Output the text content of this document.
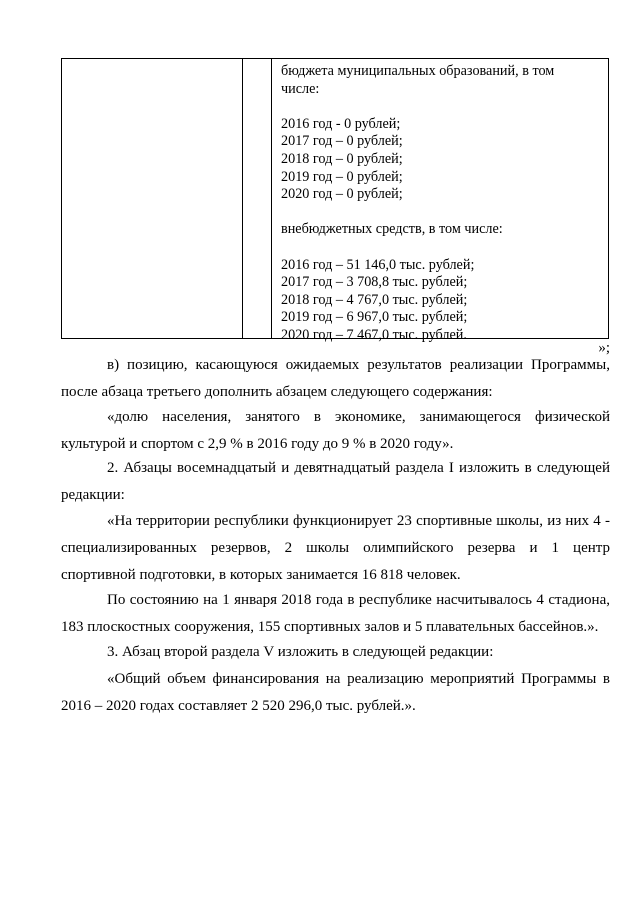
бюджета муниципальных образований, в том
числе:
2016 год - 0 рублей;
2017 год – 0 рублей;
2018 год – 0 рублей;
2019 год – 0 рублей;
2020 год – 0 рублей;
внебюджетных средств, в том числе:
2016 год – 51 146,0 тыс. рублей;
2017 год – 3 708,8 тыс. рублей;
2018 год – 4 767,0 тыс. рублей;
2019 год – 6 967,0 тыс. рублей;
2020 год – 7 467,0 тыс. рублей.
»;
в) позицию, касающуюся ожидаемых результатов реализации Программы,
после абзаца третьего дополнить абзацем следующего содержания:
«долю населения, занятого в экономике, занимающегося физической
культурой и спортом с 2,9 % в 2016 году до 9 % в 2020 году».
2. Абзацы восемнадцатый и девятнадцатый раздела I изложить в следующей
редакции:
«На территории республики функционирует 23 спортивные школы, из них 4 -
специализированных резервов, 2 школы олимпийского резерва и 1 центр
спортивной подготовки, в которых занимается 16 818 человек.
По состоянию на 1 января 2018 года в республике насчитывалось 4 стадиона,
183 плоскостных сооружения, 155 спортивных залов и 5 плавательных бассейнов.».
3. Абзац второй раздела V изложить в следующей редакции:
«Общий объем финансирования на реализацию мероприятий Программы в
2016 – 2020 годах составляет 2 520 296,0 тыс. рублей.».
